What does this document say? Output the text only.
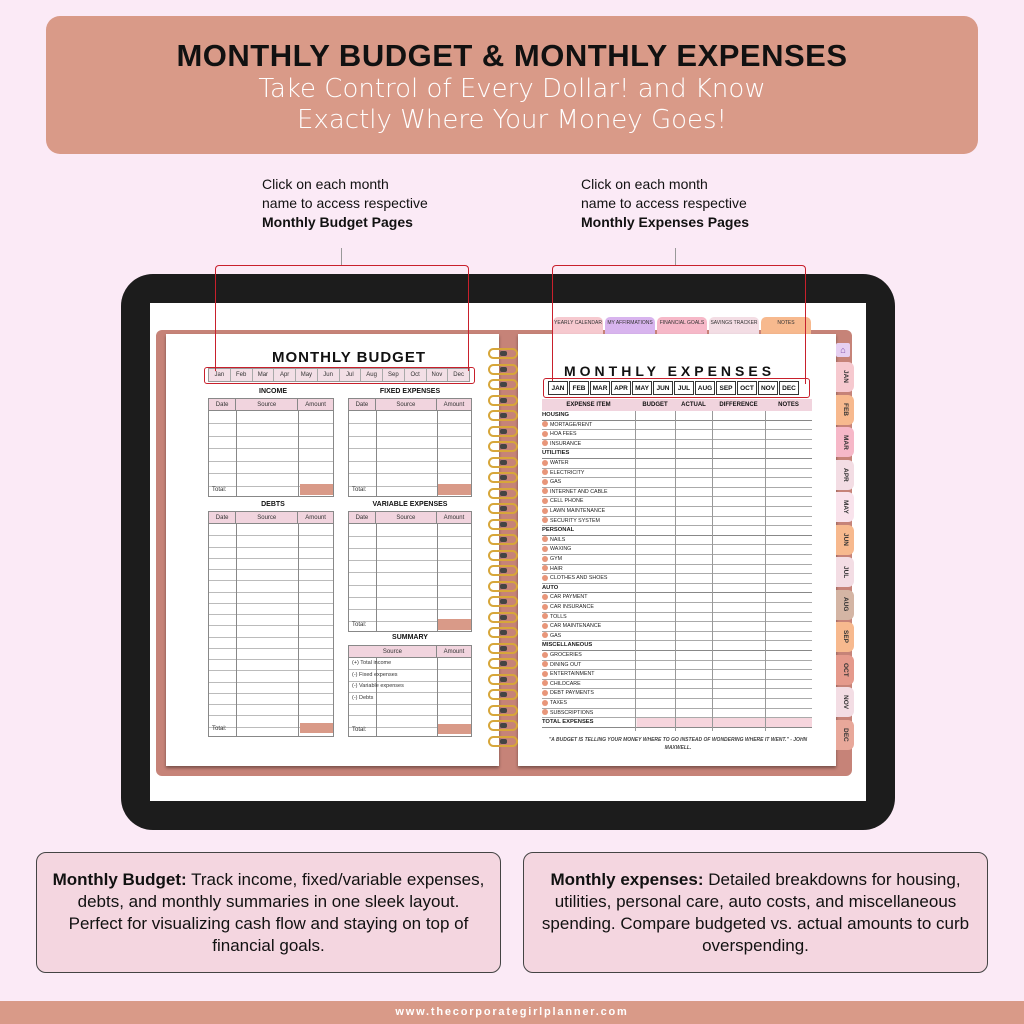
MONTHLY BUDGET & MONTHLY EXPENSES

Take Control of Every Dollar! and Know

Exactly Where Your Money Goes!

Click on each month
name to access respective
Monthly Budget Pages
Click on each month
name to access respective
Monthly Expenses Pages
YEARLY CALENDAR	MY AFFIRMATIONS	FINANCIAL GOALS	SAVINGS TRACKER	NOTES
⌂
JAN
FEB
MAR
APR
MAY
JUN
JUL
AUG
SEP
OCT
NOV
DEC
MONTHLY BUDGET
Jan	Feb	Mar	Apr	May	Jun	Jul	Aug	Sep	Oct	Nov	Dec
INCOME	FIXED EXPENSES
DEBTS	VARIABLE EXPENSES
SUMMARY
Date	Source	Amount
Total:
Date	Source	Amount
Total:
Date	Source	Amount
Total:
Date	Source	Amount
Total:
Source	Amount
Total:
(+) Total income
(-) Fixed expenses
(-) Variable expenses
(-) Debts
MONTHLY EXPENSES
JAN	FEB	MAR	APR	MAY	JUN	JUL	AUG	SEP	OCT	NOV	DEC
EXPENSE ITEM	BUDGET	ACTUAL	DIFFERENCE	NOTES
HOUSING
MORTAGE/RENT
HOA FEES
INSURANCE
UTILITIES
WATER
ELECTRICITY
GAS
INTERNET AND CABLE
CELL PHONE
LAWN MAINTENANCE
SECURITY SYSTEM
PERSONAL
NAILS
WAXING
GYM
HAIR
CLOTHES AND SHOES
AUTO
CAR PAYMENT
CAR INSURANCE
TOLLS
CAR MAINTENANCE
GAS
MISCELLANEOUS
GROCERIES
DINING OUT
ENTERTAINMENT
CHILDCARE
DEBT PAYMENTS
TAXES
SUBSCRIPTIONS
TOTAL EXPENSES
"A BUDGET IS TELLING YOUR MONEY WHERE TO GO INSTEAD OF WONDERING WHERE IT WENT." - JOHN MAXWELL.
Monthly Budget: Track income, fixed/variable expenses, debts, and monthly summaries in one sleek layout. Perfect for visualizing cash flow and staying on top of financial goals.
Monthly expenses: Detailed breakdowns for housing, utilities, personal care, auto costs, and miscellaneous spending. Compare budgeted vs. actual amounts to curb overspending.
www.thecorporategirlplanner.com
